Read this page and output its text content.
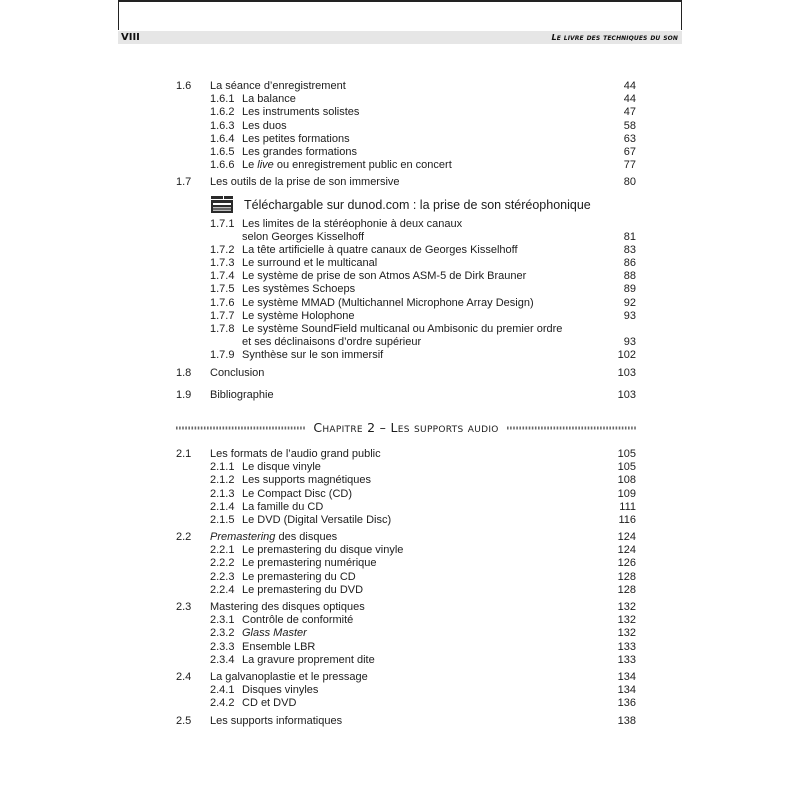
VIII	Le livre des techniques du son
1.6	La séance d’enregistrement	44
1.6.1 La balance	44
1.6.2 Les instruments solistes	47
1.6.3 Les duos	58
1.6.4 Les petites formations	63
1.6.5 Les grandes formations	67
1.6.6 Le live ou enregistrement public en concert	77
1.7	Les outils de la prise de son immersive	80
Téléchargable sur dunod.com : la prise de son stéréophonique
1.7.1 Les limites de la stéréophonie à deux canaux
selon Georges Kisselhoff	81
1.7.2 La tête artificielle à quatre canaux de Georges Kisselhoff	83
1.7.3 Le surround et le multicanal	86
1.7.4 Le système de prise de son Atmos ASM-5 de Dirk Brauner	88
1.7.5 Les systèmes Schoeps	89
1.7.6 Le système MMAD (Multichannel Microphone Array Design)	92
1.7.7 Le système Holophone	93
1.7.8 Le système SoundField multicanal ou Ambisonic du premier ordre
et ses déclinaisons d’ordre supérieur	93
1.7.9 Synthèse sur le son immersif	102
1.8	Conclusion	103
1.9	Bibliographie	103
Chapitre 2 – Les supports audio
2.1	Les formats de l’audio grand public	105
2.1.1 Le disque vinyle	105
2.1.2 Les supports magnétiques	108
2.1.3 Le Compact Disc (CD)	109
2.1.4 La famille du CD	111
2.1.5 Le DVD (Digital Versatile Disc)	116
2.2	Premastering des disques	124
2.2.1 Le premastering du disque vinyle	124
2.2.2 Le premastering numérique	126
2.2.3 Le premastering du CD	128
2.2.4 Le premastering du DVD	128
2.3	Mastering des disques optiques	132
2.3.1 Contrôle de conformité	132
2.3.2 Glass Master	132
2.3.3 Ensemble LBR	133
2.3.4 La gravure proprement dite	133
2.4	La galvanoplastie et le pressage	134
2.4.1 Disques vinyles	134
2.4.2 CD et DVD	136
2.5	Les supports informatiques	138
